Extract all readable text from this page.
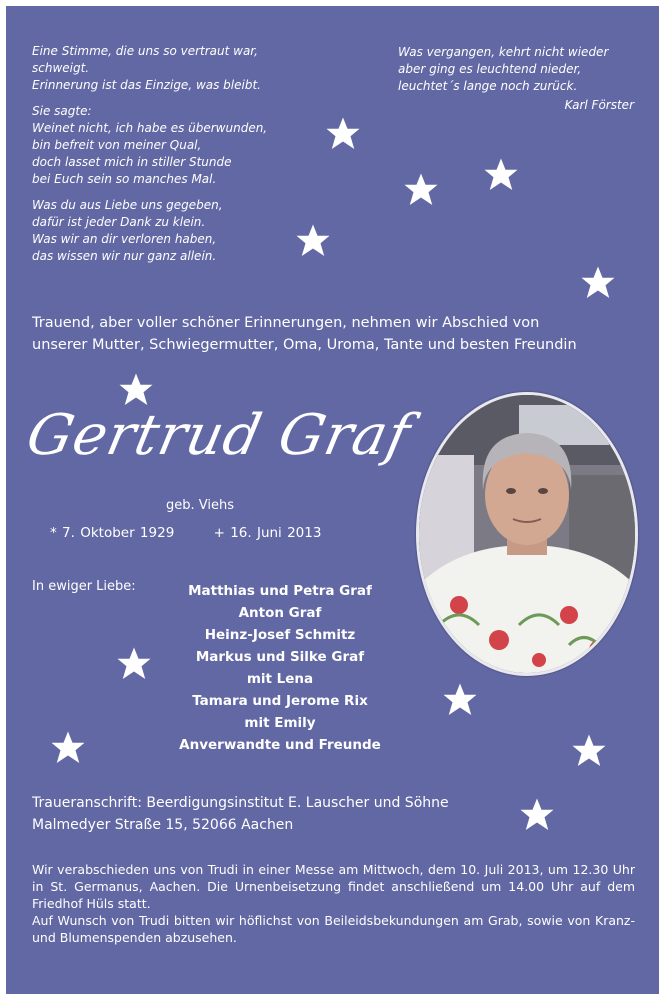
Eine Stimme, die uns so vertraut war,
schweigt.
Erinnerung ist das Einzige, was bleibt.

Sie sagte:
Weinet nicht, ich habe es überwunden,
bin befreit von meiner Qual,
doch lasset mich in stiller Stunde
bei Euch sein so manches Mal.

Was du aus Liebe uns gegeben,
dafür ist jeder Dank zu klein.
Was wir an dir verloren haben,
das wissen wir nur ganz allein.

Was vergangen, kehrt nicht wieder
aber ging es leuchtend nieder,
leuchtet´s lange noch zurück.
Karl Förster
Trauend, aber voller schöner Erinnerungen, nehmen wir Abschied von
unserer Mutter, Schwiegermutter, Oma, Uroma, Tante und besten Freundin
Gertrud Graf
geb. Viehs
* 7. Oktober 1929	+ 16. Juni 2013
In ewiger Liebe:	Matthias und Petra Graf
Anton Graf
Heinz-Josef Schmitz
Markus und Silke Graf
mit Lena
Tamara und Jerome Rix
mit Emily
Anverwandte und Freunde
Traueranschrift: Beerdigungsinstitut E. Lauscher und Söhne
Malmedyer Straße 15, 52066 Aachen

Wir verabschieden uns von Trudi in einer Messe am Mittwoch, dem 10. Juli 2013, um 12.30 Uhr in St. Germanus, Aachen. Die Urnenbeisetzung findet anschließend um 14.00 Uhr auf dem Friedhof Hüls statt.

Auf Wunsch von Trudi bitten wir höflichst von Beileidsbekundungen am Grab, sowie von Kranz- und Blumenspenden abzusehen.
